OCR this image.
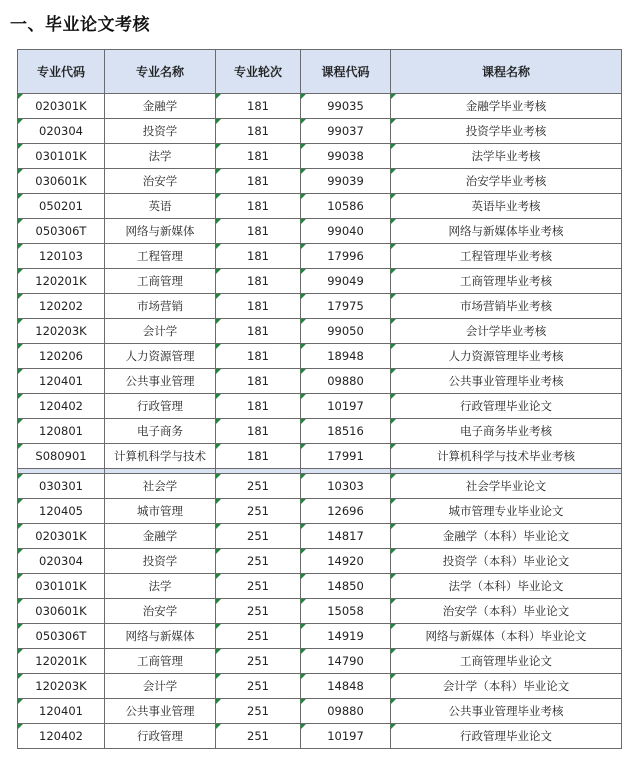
一、毕业论文考核
专业代码	专业名称	专业轮次	课程代码	课程名称
020301K	金融学	181	99035	金融学毕业考核
020304	投资学	181	99037	投资学毕业考核
030101K	法学	181	99038	法学毕业考核
030601K	治安学	181	99039	治安学毕业考核
050201	英语	181	10586	英语毕业考核
050306T	网络与新媒体	181	99040	网络与新媒体毕业考核
120103	工程管理	181	17996	工程管理毕业考核
120201K	工商管理	181	99049	工商管理毕业考核
120202	市场营销	181	17975	市场营销毕业考核
120203K	会计学	181	99050	会计学毕业考核
120206	人力资源管理	181	18948	人力资源管理毕业考核
120401	公共事业管理	181	09880	公共事业管理毕业考核
120402	行政管理	181	10197	行政管理毕业论文
120801	电子商务	181	18516	电子商务毕业考核
S080901	计算机科学与技术	181	17991	计算机科学与技术毕业考核

030301	社会学	251	10303	社会学毕业论文
120405	城市管理	251	12696	城市管理专业毕业论文
020301K	金融学	251	14817	金融学（本科）毕业论文
020304	投资学	251	14920	投资学（本科）毕业论文
030101K	法学	251	14850	法学（本科）毕业论文
030601K	治安学	251	15058	治安学（本科）毕业论文
050306T	网络与新媒体	251	14919	网络与新媒体（本科）毕业论文
120201K	工商管理	251	14790	工商管理毕业论文
120203K	会计学	251	14848	会计学（本科）毕业论文
120401	公共事业管理	251	09880	公共事业管理毕业考核
120402	行政管理	251	10197	行政管理毕业论文
